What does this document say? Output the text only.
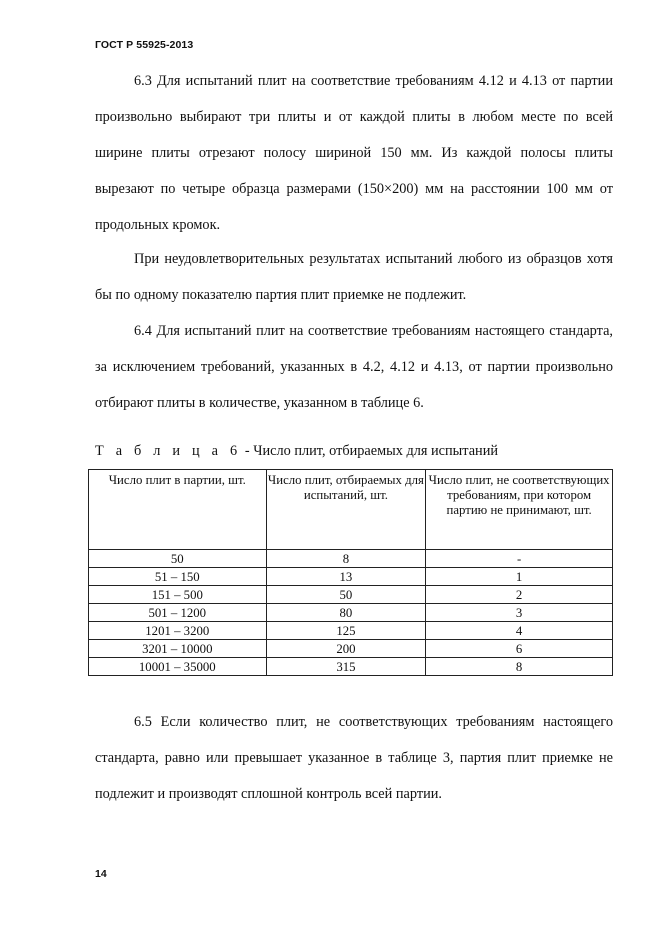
ГОСТ Р 55925-2013

6.3 Для испытаний плит на соответствие требованиям 4.12 и 4.13 от партии произвольно выбирают три плиты и от каждой плиты в любом месте по всей ширине плиты отрезают полосу шириной 150 мм. Из каждой полосы плиты вырезают по четыре образца размерами (150×200) мм на расстоянии 100 мм от продольных кромок.

При неудовлетворительных результатах испытаний любого из образцов хотя бы по одному показателю партия плит приемке не подлежит.

6.4 Для испытаний плит на соответствие требованиям настоящего стандарта, за исключением требований, указанных в 4.2, 4.12 и 4.13, от партии произвольно отбирают плиты в количестве, указанном в таблице 6.

Т а б л и ц а 6 - Число плит, отбираемых для испытаний
Число плит в партии, шт.	Число плит, отбираемых для испытаний, шт.	Число плит, не соответствующих требованиям, при котором партию не принимают, шт.
50	8	-
51 – 150	13	1
151 – 500	50	2
501 – 1200	80	3
1201 – 3200	125	4
3201 – 10000	200	6
10001 – 35000	315	8

6.5 Если количество плит, не соответствующих требованиям настоящего стандарта, равно или превышает указанное в таблице 3, партия плит приемке не подлежит и производят сплошной контроль всей партии.

14
